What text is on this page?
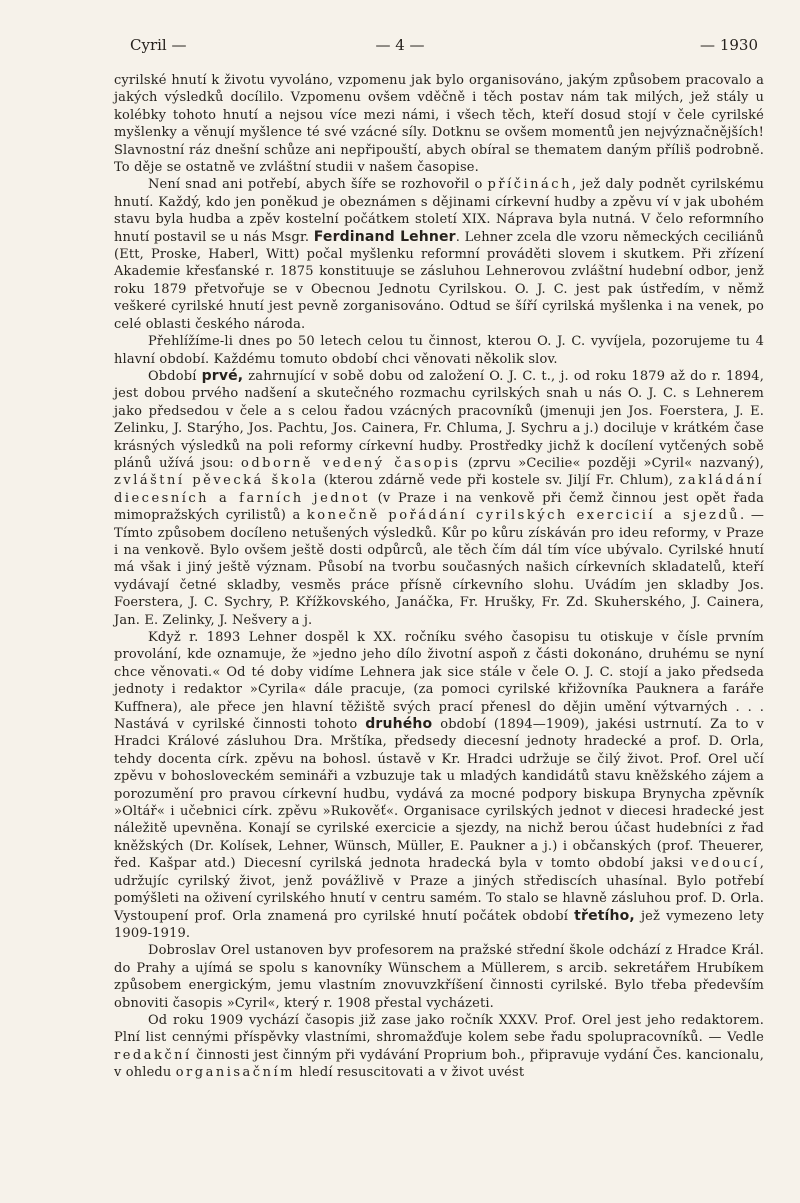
Cyril —	— 4 —	— 1930

cyrilské hnutí k životu vyvoláno, vzpomenu jak bylo organisováno, jakým způsobem pracovalo a jakých výsledků docílilo. Vzpomenu ovšem vděčně i těch postav nám tak milých, jež stály u kolébky tohoto hnutí a nejsou více mezi námi, i všech těch, kteří dosud stojí v čele cyrilské myšlenky a věnují myšlence té své vzácné síly. Dotknu se ovšem momentů jen nejvýznačnějších! Slavnostní ráz dnešní schůze ani nepřipouští, abych obíral se thematem daným příliš podrobně. To děje se ostatně ve zvláštní studii v našem časopise.

Není snad ani potřebí, abych šíře se rozhovořil o příčinách, jež daly podnět cyrilskému hnutí. Každý, kdo jen poněkud je obeznámen s dějinami církevní hudby a zpěvu ví v jak ubohém stavu byla hudba a zpěv kostelní počátkem století XIX. Náprava byla nutná. V čelo reformního hnutí postavil se u nás Msgr. Ferdinand Lehner. Lehner zcela dle vzoru německých ceciliánů (Ett, Proske, Haberl, Witt) počal myšlenku reformní prováděti slovem i skutkem. Při zřízení Akademie křesťanské r. 1875 konstituuje se zásluhou Lehnerovou zvláštní hudební odbor, jenž roku 1879 přetvořuje se v Obecnou Jednotu Cyrilskou. O. J. C. jest pak ústředím, v němž veškeré cyrilské hnutí jest pevně zorganisováno. Odtud se šíří cyrilská myšlenka i na venek, po celé oblasti českého národa.

Přehlížíme-li dnes po 50 letech celou tu činnost, kterou O. J. C. vyvíjela, pozorujeme tu 4 hlavní období. Každému tomuto období chci věnovati několik slov.

Období prvé, zahrnující v sobě dobu od založení O. J. C. t., j. od roku 1879 až do r. 1894, jest dobou prvého nadšení a skutečného rozmachu cyrilských snah u nás O. J. C. s Lehnerem jako předsedou v čele a s celou řadou vzácných pracovníků (jmenuji jen Jos. Foerstera, J. E. Zelinku, J. Starýho, Jos. Pachtu, Jos. Cainera, Fr. Chluma, J. Sychru a j.) dociluje v krátkém čase krásných výsledků na poli reformy církevní hudby. Prostředky jichž k docílení vytčených sobě plánů užívá jsou: odborně vedený časopis (zprvu »Cecilie« později »Cyril« nazvaný), zvláštní pěvecká škola (kterou zdárně vede při kostele sv. Jiljí Fr. Chlum), zakládání diecesních a farních jednot (v Praze i na venkově při čemž činnou jest opět řada mimopražských cyrilistů) a konečně pořádání cyrilských exercicií a sjezdů. — Tímto způsobem docíleno netušených výsledků. Kůr po kůru získáván pro ideu reformy, v Praze i na venkově. Bylo ovšem ještě dosti odpůrců, ale těch čím dál tím více ubývalo. Cyrilské hnutí má však i jiný ještě význam. Působí na tvorbu současných našich církevních skladatelů, kteří vydávají četné skladby, vesměs práce přísně církevního slohu. Uvádím jen skladby Jos. Foerstera, J. C. Sychry, P. Křížkovského, Janáčka, Fr. Hrušky, Fr. Zd. Skuherského, J. Cainera, Jan. E. Zelinky, J. Nešvery a j.

Když r. 1893 Lehner dospěl k XX. ročníku svého časopisu tu otiskuje v čísle prvním provolání, kde oznamuje, že »jedno jeho dílo životní aspoň z části dokonáno, druhému se nyní chce věnovati.« Od té doby vidíme Lehnera jak sice stále v čele O. J. C. stojí a jako předseda jednoty i redaktor »Cyrila« dále pracuje, (za pomoci cyrilské křižovníka Pauknera a faráře Kuffnera), ale přece jen hlavní těžiště svých prací přenesl do dějin umění výtvarných . . . Nastává v cyrilské činnosti tohoto druhého období (1894—1909), jakési ustrnutí. Za to v Hradci Králové zásluhou Dra. Mrštíka, předsedy diecesní jednoty hradecké a prof. D. Orla, tehdy docenta círk. zpěvu na bohosl. ústavě v Kr. Hradci udržuje se čilý život. Prof. Orel učí zpěvu v bohosloveckém semináři a vzbuzuje tak u mladých kandidátů stavu kněžského zájem a porozumění pro pravou církevní hudbu, vydává za mocné podpory biskupa Brynycha zpěvník »Oltář« i učebnici círk. zpěvu »Rukověť«. Organisace cyrilských jednot v diecesi hradecké jest náležitě upevněna. Konají se cyrilské exercicie a sjezdy, na nichž berou účast hudebníci z řad kněžských (Dr. Kolísek, Lehner, Wünsch, Müller, E. Paukner a j.) i občanských (prof. Theuerer, řed. Kašpar atd.) Diecesní cyrilská jednota hradecká byla v tomto období jaksi vedoucí, udržujíc cyrilský život, jenž povážlivě v Praze a jiných střediscích uhasínal. Bylo potřebí pomýšleti na oživení cyrilského hnutí v centru samém. To stalo se hlavně zásluhou prof. D. Orla. Vystoupení prof. Orla znamená pro cyrilské hnutí počátek období třetího, jež vymezeno lety 1909-1919.

Dobroslav Orel ustanoven byv profesorem na pražské střední škole odchází z Hradce Král. do Prahy a ujímá se spolu s kanovníky Wünschem a Müllerem, s arcib. sekretářem Hrubíkem způsobem energickým, jemu vlastním znovuvzkříšení činnosti cyrilské. Bylo třeba především obnoviti časopis »Cyril«, který r. 1908 přestal vycházeti.

Od roku 1909 vychází časopis již zase jako ročník XXXV. Prof. Orel jest jeho redaktorem. Plní list cennými příspěvky vlastními, shromažďuje kolem sebe řadu spolupracovníků. — Vedle redakční činnosti jest činným při vydávání Proprium boh., připravuje vydání Čes. kancionalu, v ohledu organisačním hledí resuscitovati a v život uvést
